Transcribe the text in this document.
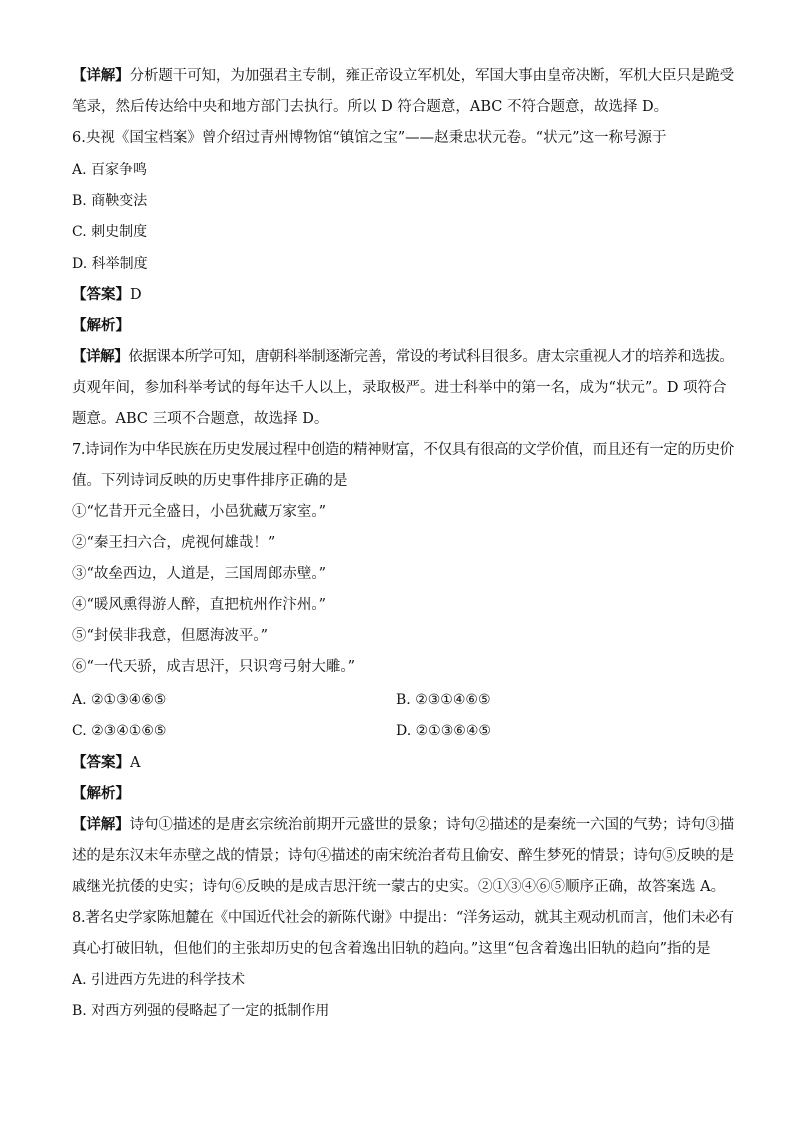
【详解】分析题干可知，为加强君主专制，雍正帝设立军机处，军国大事由皇帝决断，军机大臣只是跪受
笔录，然后传达给中央和地方部门去执行。所以 D 符合题意，ABC 不符合题意，故选择 D。
6.央视《国宝档案》曾介绍过青州博物馆“镇馆之宝”——赵秉忠状元卷。“状元”这一称号源于
A. 百家争鸣
B. 商鞅变法
C. 刺史制度
D. 科举制度
【答案】D
【解析】
【详解】依据课本所学可知，唐朝科举制逐渐完善，常设的考试科目很多。唐太宗重视人才的培养和选拔。
贞观年间，参加科举考试的每年达千人以上，录取极严。进士科举中的第一名，成为“状元”。D 项符合
题意。ABC 三项不合题意，故选择 D。
7.诗词作为中华民族在历史发展过程中创造的精神财富，不仅具有很高的文学价值，而且还有一定的历史价
值。下列诗词反映的历史事件排序正确的是
①“忆昔开元全盛日，小邑犹藏万家室。”
②“秦王扫六合，虎视何雄哉！”
③“故垒西边，人道是，三国周郎赤壁。”
④“暖风熏得游人醉，直把杭州作汴州。”
⑤“封侯非我意，但愿海波平。”
⑥“一代天骄，成吉思汗，只识弯弓射大雕。”
A. ②①③④⑥⑤	B. ②③①④⑥⑤
C. ②③④①⑥⑤	D. ②①③⑥④⑤
【答案】A
【解析】
【详解】诗句①描述的是唐玄宗统治前期开元盛世的景象；诗句②描述的是秦统一六国的气势；诗句③描
述的是东汉末年赤壁之战的情景；诗句④描述的南宋统治者苟且偷安、醉生梦死的情景；诗句⑤反映的是
戚继光抗倭的史实；诗句⑥反映的是成吉思汗统一蒙古的史实。②①③④⑥⑤顺序正确，故答案选 A。
8.著名史学家陈旭麓在《中国近代社会的新陈代谢》中提出：“洋务运动，就其主观动机而言，他们未必有
真心打破旧轨，但他们的主张却历史的包含着逸出旧轨的趋向。”这里“包含着逸出旧轨的趋向”指的是
A. 引进西方先进的科学技术
B. 对西方列强的侵略起了一定的抵制作用
